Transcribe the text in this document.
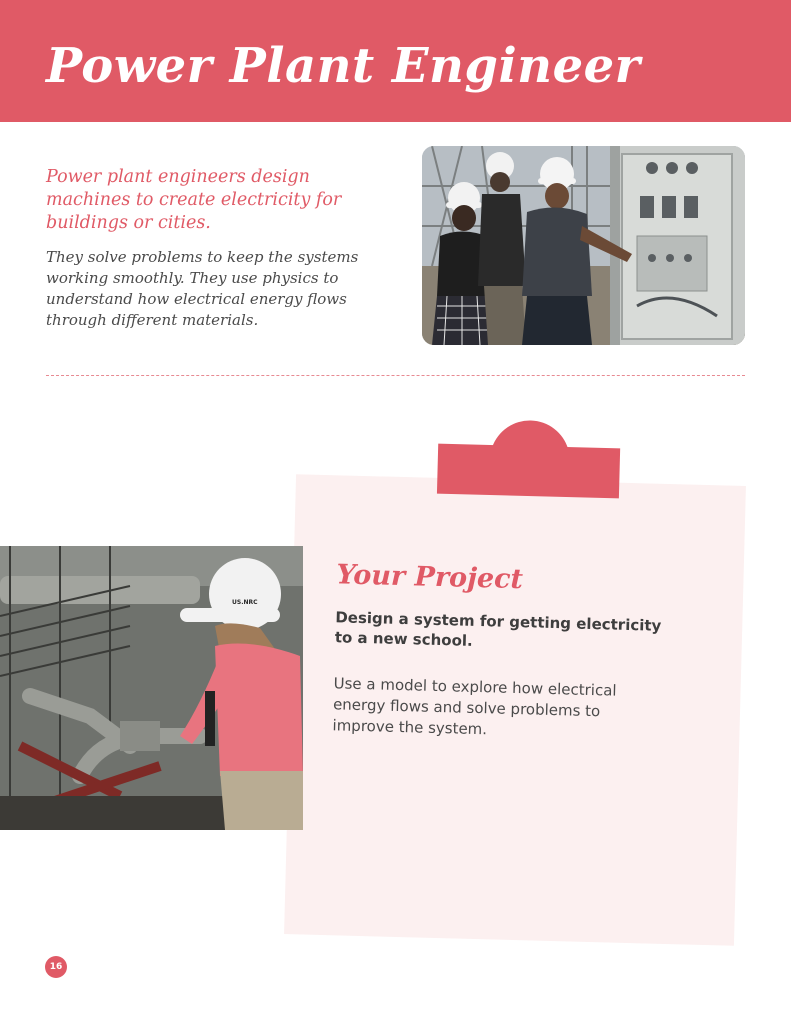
Power Plant Engineer

Power plant engineers design machines to create electricity for buildings or cities.

They solve problems to keep the systems working smoothly. They use physics to understand how electrical energy flows through different materials.

Your Project

Design a system for getting electricity to a new school.

Use a model to explore how electrical energy flows and solve problems to improve the system.

US.NRC
16
